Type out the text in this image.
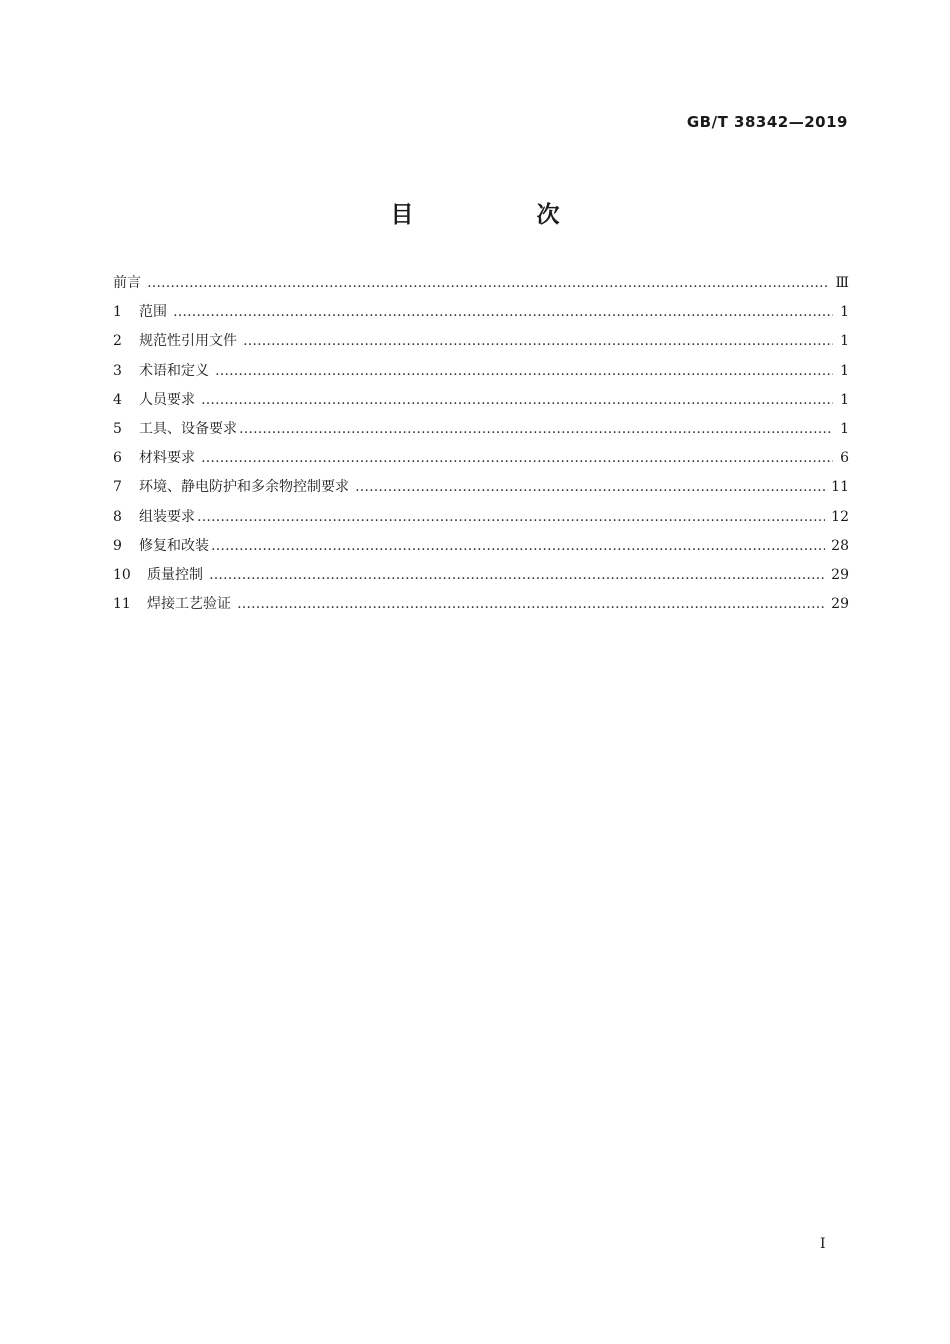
GB/T 38342—2019
目　次
前言 …………………………………………………………………………………………………………………………………………………………………………………………………	Ⅲ
1	范围 …………………………………………………………………………………………………………………………………………………………………………………………………	1
2	规范性引用文件 …………………………………………………………………………………………………………………………………………………………………………………………………	1
3	术语和定义 …………………………………………………………………………………………………………………………………………………………………………………………………	1
4	人员要求 …………………………………………………………………………………………………………………………………………………………………………………………………	1
5	工具、设备要求 …………………………………………………………………………………………………………………………………………………………………………………………………	1
6	材料要求 …………………………………………………………………………………………………………………………………………………………………………………………………	6
7	环境、静电防护和多余物控制要求 …………………………………………………………………………………………………………………………………………………………………………………………………	11
8	组装要求 …………………………………………………………………………………………………………………………………………………………………………………………………	12
9	修复和改装 …………………………………………………………………………………………………………………………………………………………………………………………………	28
10	质量控制 …………………………………………………………………………………………………………………………………………………………………………………………………	29
11	焊接工艺验证 …………………………………………………………………………………………………………………………………………………………………………………………………	29
I
